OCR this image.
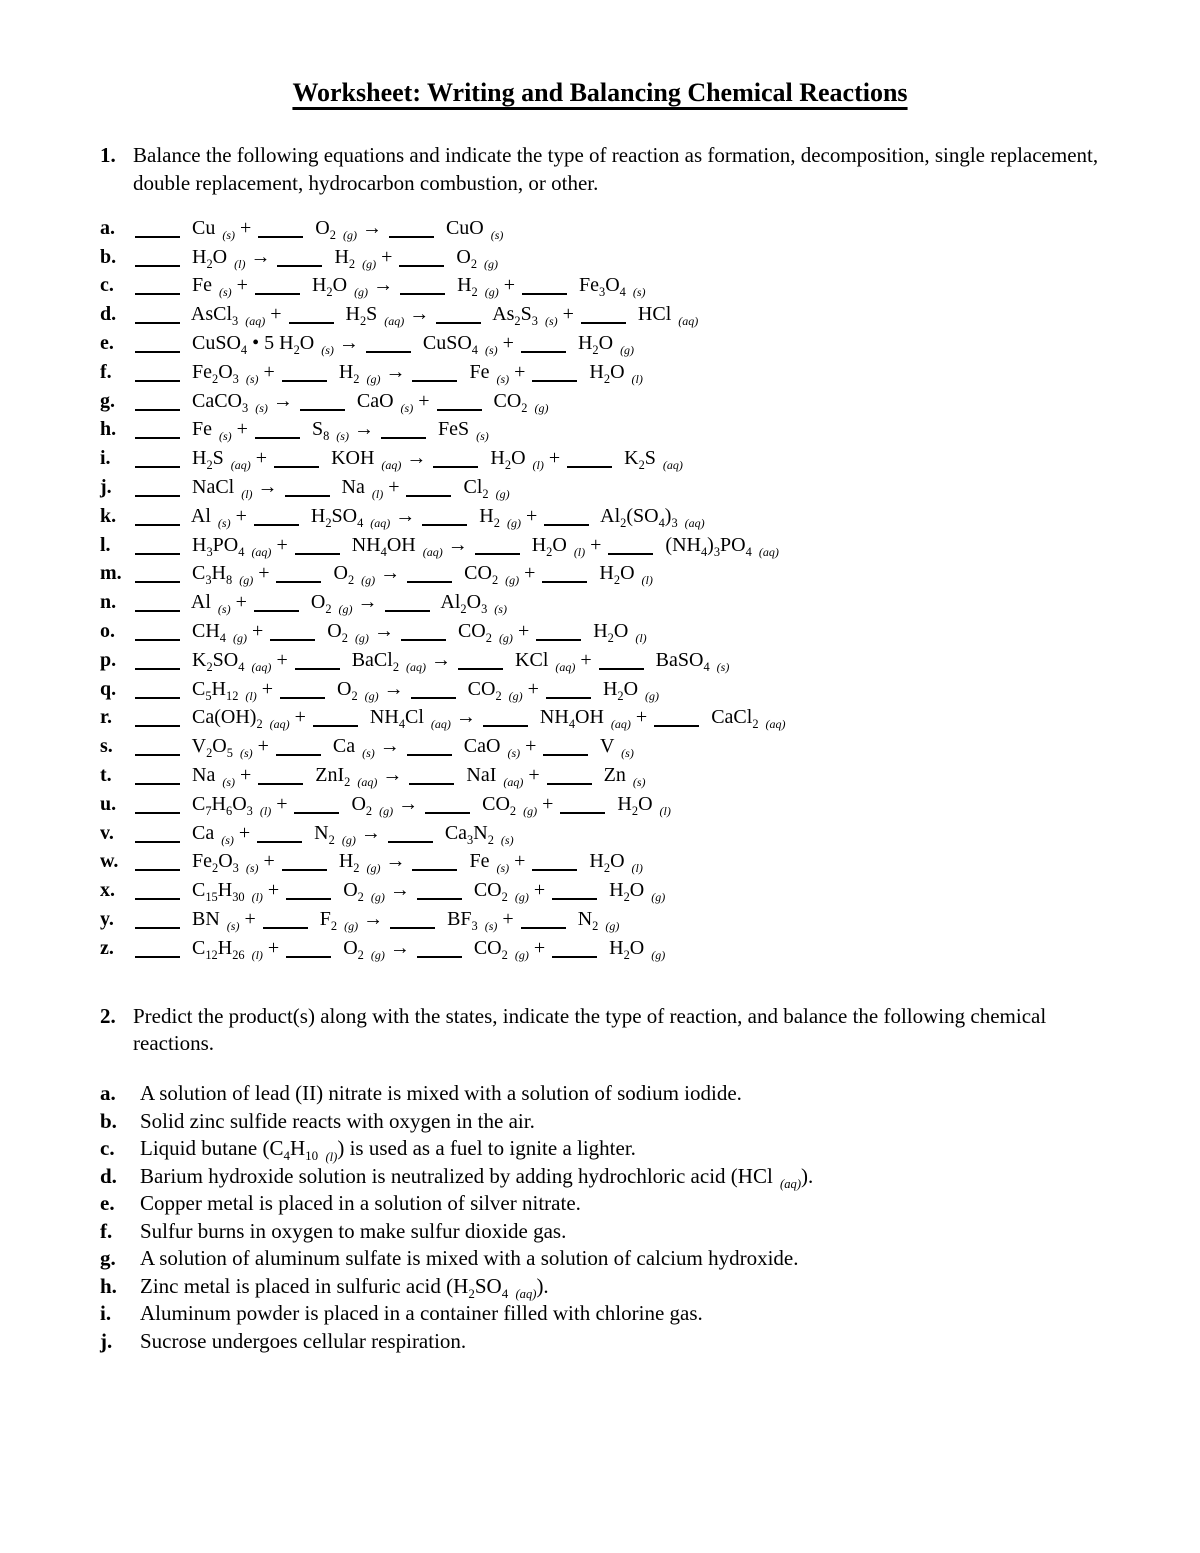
Worksheet: Writing and Balancing Chemical Reactions
1. Balance the following equations and indicate the type of reaction as formation, decomposition, single replacement, double replacement, hydrocarbon combustion, or other.
a.	Cu $_{(s)}$ +	$O_2$ $_{(g)}$ →	CuO $_{(s)}$
b.	$H_2O$ $_{(l)}$ →	$H_2$ $_{(g)}$ +	$O_2$ $_{(g)}$
c.	Fe $_{(s)}$ +	$H_2O$ $_{(g)}$ →	$H_2$ $_{(g)}$ +	$Fe_3O_4$ $_{(s)}$
d.	AsCl$_3$ $_{(aq)}$ +	$H_2S$ $_{(aq)}$ →	$As_2S_3$ $_{(s)}$ +	HCl $_{(aq)}$
e.	CuSO$_4$ • 5 $H_2O$ $_{(s)}$ →	CuSO$_4$ $_{(s)}$ +	$H_2O$ $_{(g)}$
f.	$Fe_2O_3$ $_{(s)}$ +	$H_2$ $_{(g)}$ →	Fe $_{(s)}$ +	$H_2O$ $_{(l)}$
g.	CaCO$_3$ $_{(s)}$ →	CaO $_{(s)}$ +	$CO_2$ $_{(g)}$
h.	Fe $_{(s)}$ +	$S_8$ $_{(s)}$ →	FeS $_{(s)}$
i.	$H_2S$ $_{(aq)}$ +	KOH $_{(aq)}$ →	$H_2O$ $_{(l)}$ +	$K_2S$ $_{(aq)}$
j.	NaCl $_{(l)}$ →	Na $_{(l)}$ +	$Cl_2$ $_{(g)}$
k.	Al $_{(s)}$ +	$H_2SO_4$ $_{(aq)}$ →	$H_2$ $_{(g)}$ +	$Al_2(SO_4)_3$ $_{(aq)}$
l.	$H_3PO_4$ $_{(aq)}$ +	$NH_4OH$ $_{(aq)}$ →	$H_2O$ $_{(l)}$ +	$(NH_4)_3PO_4$ $_{(aq)}$
m.	$C_3H_8$ $_{(g)}$ +	$O_2$ $_{(g)}$ →	$CO_2$ $_{(g)}$ +	$H_2O$ $_{(l)}$
n.	Al $_{(s)}$ +	$O_2$ $_{(g)}$ →	$Al_2O_3$ $_{(s)}$
o.	$CH_4$ $_{(g)}$ +	$O_2$ $_{(g)}$ →	$CO_2$ $_{(g)}$ +	$H_2O$ $_{(l)}$
p.	$K_2SO_4$ $_{(aq)}$ +	BaCl$_2$ $_{(aq)}$ →	KCl $_{(aq)}$ +	BaSO$_4$ $_{(s)}$
q.	$C_5H_{12}$ $_{(l)}$ +	$O_2$ $_{(g)}$ →	$CO_2$ $_{(g)}$ +	$H_2O$ $_{(g)}$
r.	$Ca(OH)_2$ $_{(aq)}$ +	$NH_4Cl$ $_{(aq)}$ →	$NH_4OH$ $_{(aq)}$ +	CaCl$_2$ $_{(aq)}$
s.	$V_2O_5$ $_{(s)}$ +	Ca $_{(s)}$ →	CaO $_{(s)}$ +	V $_{(s)}$
t.	Na $_{(s)}$ +	ZnI$_2$ $_{(aq)}$ →	NaI $_{(aq)}$ +	Zn $_{(s)}$
u.	$C_7H_6O_3$ $_{(l)}$ +	$O_2$ $_{(g)}$ →	$CO_2$ $_{(g)}$ +	$H_2O$ $_{(l)}$
v.	Ca $_{(s)}$ +	$N_2$ $_{(g)}$ →	$Ca_3N_2$ $_{(s)}$
w.	$Fe_2O_3$ $_{(s)}$ +	$H_2$ $_{(g)}$ →	Fe $_{(s)}$ +	$H_2O$ $_{(l)}$
x.	$C_{15}H_{30}$ $_{(l)}$ +	$O_2$ $_{(g)}$ →	$CO_2$ $_{(g)}$ +	$H_2O$ $_{(g)}$
y.	BN $_{(s)}$ +	$F_2$ $_{(g)}$ →	$BF_3$ $_{(s)}$ +	$N_2$ $_{(g)}$
z.	$C_{12}H_{26}$ $_{(l)}$ +	$O_2$ $_{(g)}$ →	$CO_2$ $_{(g)}$ +	$H_2O$ $_{(g)}$
2. Predict the product(s) along with the states, indicate the type of reaction, and balance the following chemical reactions.
a.	A solution of lead (II) nitrate is mixed with a solution of sodium iodide.
b.	Solid zinc sulfide reacts with oxygen in the air.
c.	Liquid butane ($C_4H_{10}$ $_{(l)}$) is used as a fuel to ignite a lighter.
d.	Barium hydroxide solution is neutralized by adding hydrochloric acid (HCl $_{(aq)}$).
e.	Copper metal is placed in a solution of silver nitrate.
f.	Sulfur burns in oxygen to make sulfur dioxide gas.
g.	A solution of aluminum sulfate is mixed with a solution of calcium hydroxide.
h.	Zinc metal is placed in sulfuric acid ($H_2SO_4$ $_{(aq)}$).
i.	Aluminum powder is placed in a container filled with chlorine gas.
j.	Sucrose undergoes cellular respiration.
